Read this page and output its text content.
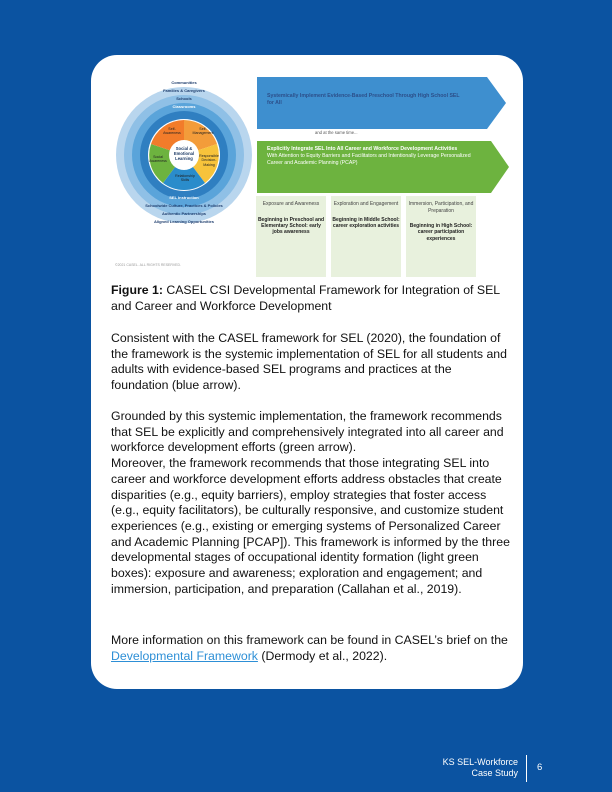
Communities
Families & Caregivers
Schools
Classrooms
Social & Emotional Learning
Self-Awareness
Self-Management
Responsible Decision-Making
Relationship Skills
Social Awareness
SEL Instruction
Schoolwide Culture, Practices & Policies
Authentic Partnerships
Aligned Learning Opportunities
©2021 CASEL. ALL RIGHTS RESERVED.
Systemically Implement Evidence-Based Preschool Through High School SEL for All
and at the same time...
Explicitly Integrate SEL Into All Career and Workforce Development Activities
With Attention to Equity Barriers and Facilitators and Intentionally Leverage Personalized Career and Academic Planning (PCAP)
Exposure and Awareness
Beginning in Preschool and Elementary School: early jobs awareness
Exploration and Engagement
Beginning in Middle School: career exploration activities
Immersion, Participation, and Preparation
Beginning in High School: career participation experiences
Figure 1: CASEL CSI Developmental Framework for Integration of SEL and Career and Workforce Development
Consistent with the CASEL framework for SEL (2020), the foundation of the framework is the systemic implementation of SEL for all students and adults with evidence-based SEL programs and practices at the foundation (blue arrow).
Grounded by this systemic implementation, the framework recommends that SEL be explicitly and comprehensively integrated into all career and workforce development efforts (green arrow).
Moreover, the framework recommends that those integrating SEL into career and workforce development efforts address obstacles that create disparities (e.g., equity barriers), employ strategies that foster access (e.g., equity facilitators), be culturally responsive, and customize student experiences (e.g., existing or emerging systems of Personalized Career and Academic Planning [PCAP]). This framework is informed by the three developmental stages of occupational identity formation (light green boxes): exposure and awareness; exploration and engagement; and immersion, participation, and preparation (Callahan et al., 2019).
More information on this framework can be found in CASEL’s brief on the Developmental Framework (Dermody et al., 2022).
KS SEL-Workforce
Case Study 6
